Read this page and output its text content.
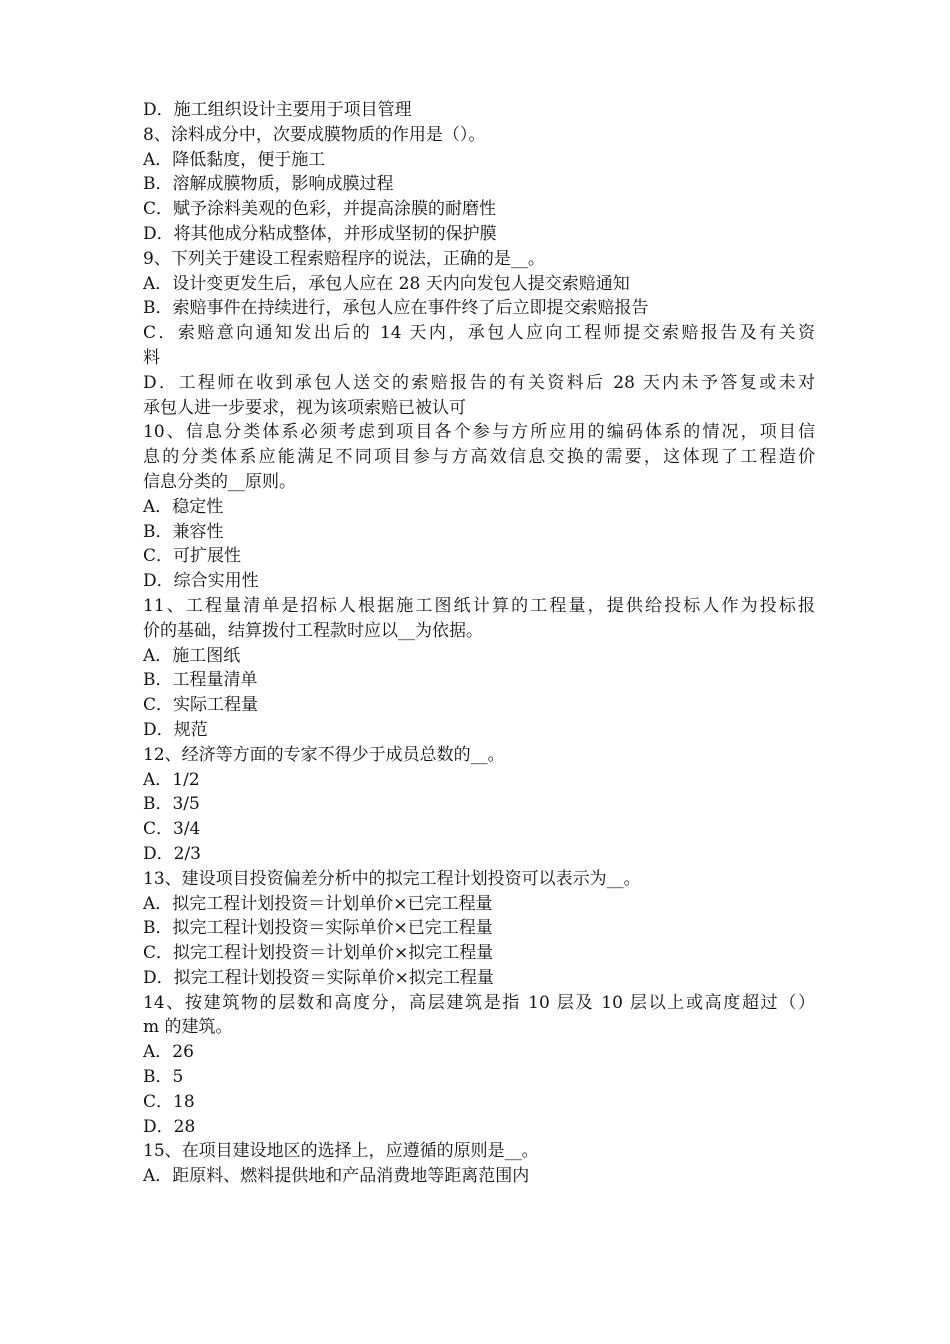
D．施工组织设计主要用于项目管理
8、涂料成分中，次要成膜物质的作用是（）。
A．降低黏度，便于施工
B．溶解成膜物质，影响成膜过程
C．赋予涂料美观的色彩，并提高涂膜的耐磨性
D．将其他成分粘成整体，并形成坚韧的保护膜
9、下列关于建设工程索赔程序的说法，正确的是__。
A．设计变更发生后，承包人应在 28 天内向发包人提交索赔通知
B．索赔事件在持续进行，承包人应在事件终了后立即提交索赔报告
C．索赔意向通知发出后的 14 天内，承包人应向工程师提交索赔报告及有关资
料
D．工程师在收到承包人送交的索赔报告的有关资料后 28 天内未予答复或未对
承包人进一步要求，视为该项索赔已被认可
10、信息分类体系必须考虑到项目各个参与方所应用的编码体系的情况，项目信
息的分类体系应能满足不同项目参与方高效信息交换的需要，这体现了工程造价
信息分类的__原则。
A．稳定性
B．兼容性
C．可扩展性
D．综合实用性
11、工程量清单是招标人根据施工图纸计算的工程量，提供给投标人作为投标报
价的基础，结算拨付工程款时应以__为依据。
A．施工图纸
B．工程量清单
C．实际工程量
D．规范
12、经济等方面的专家不得少于成员总数的__。
A．1/2
B．3/5
C．3/4
D．2/3
13、建设项目投资偏差分析中的拟完工程计划投资可以表示为__。
A．拟完工程计划投资＝计划单价×已完工程量
B．拟完工程计划投资＝实际单价×已完工程量
C．拟完工程计划投资＝计划单价×拟完工程量
D．拟完工程计划投资＝实际单价×拟完工程量
14、按建筑物的层数和高度分，高层建筑是指 10 层及 10 层以上或高度超过（）
m 的建筑。
A．26
B．5
C．18
D．28
15、在项目建设地区的选择上，应遵循的原则是__。
A．距原料、燃料提供地和产品消费地等距离范围内
